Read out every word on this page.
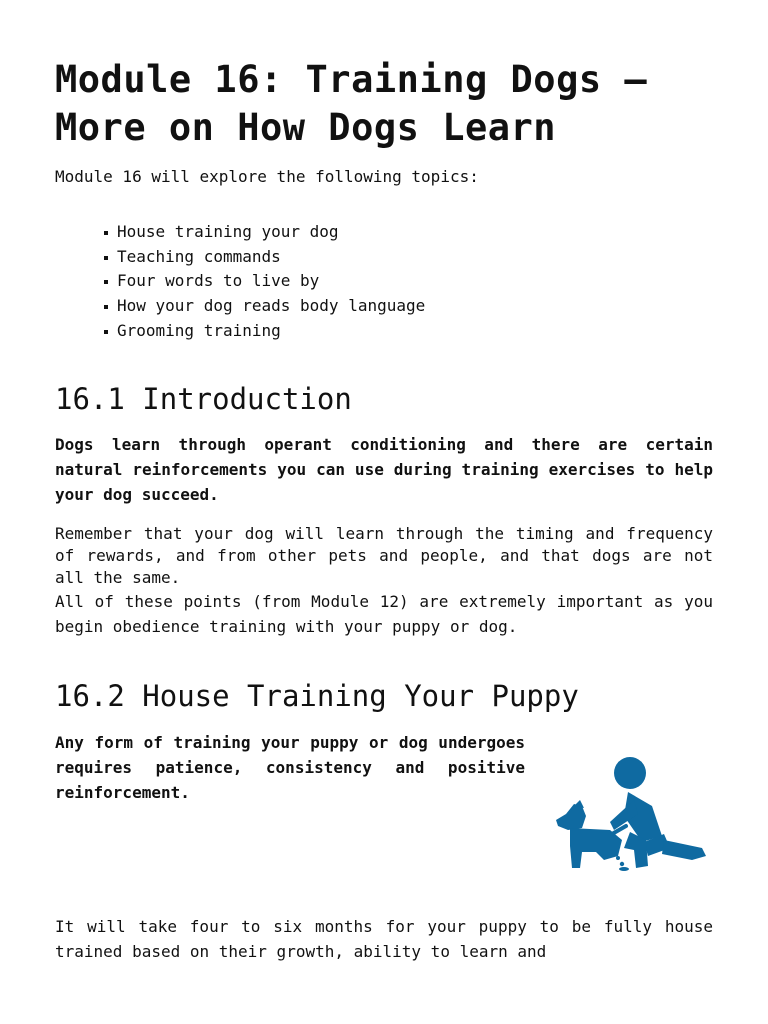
Module 16: Training Dogs – More on How Dogs Learn

Module 16 will explore the following topics:

House training your dog
Teaching commands
Four words to live by
How your dog reads body language
Grooming training
16.1 Introduction

Dogs learn through operant conditioning and there are certain natural reinforcements you can use during training exercises to help your dog succeed.

Remember that your dog will learn through the timing and frequency of rewards, and from other pets and people, and that dogs are not all the same.

All of these points (from Module 12) are extremely important as you begin obedience training with your puppy or dog.

16.2 House Training Your Puppy

Any form of training your puppy or dog undergoes requires patience, consistency and positive reinforcement.

It will take four to six months for your puppy to be fully house trained based on their growth, ability to learn and
